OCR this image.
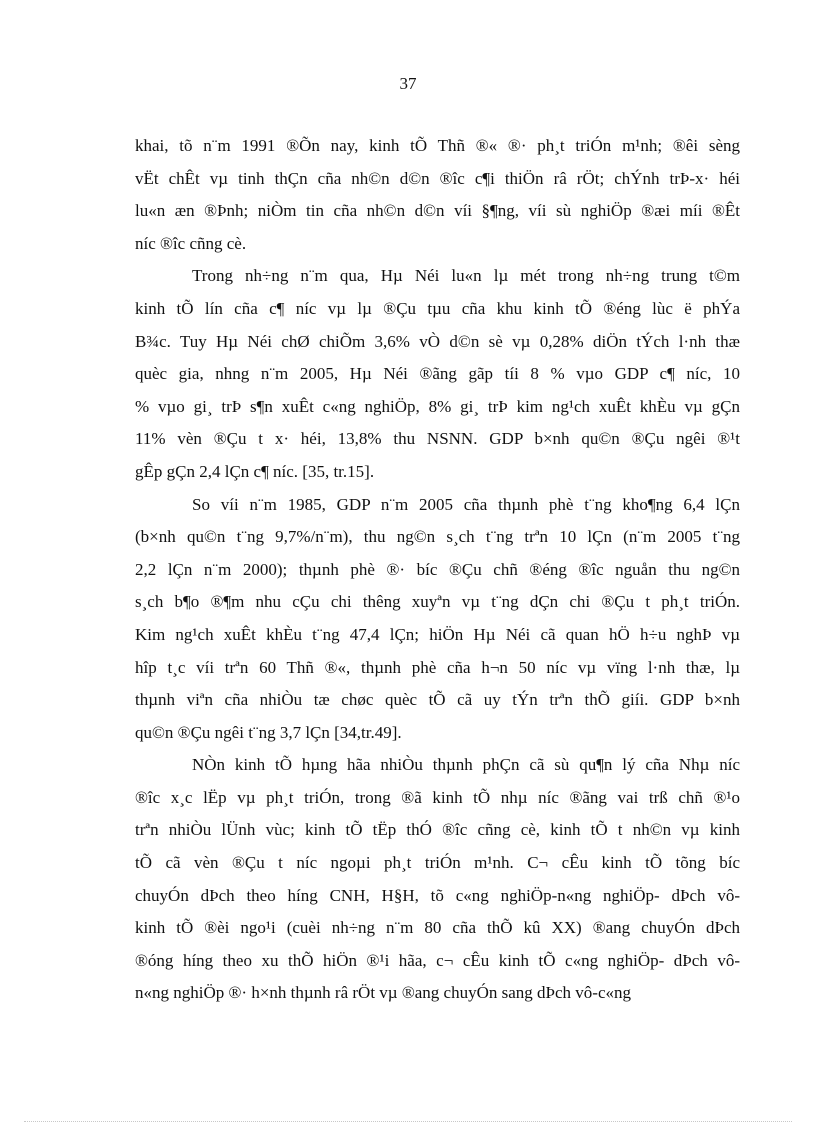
37

khai, tõ n¨m 1991 ®Õn nay, kinh tÕ Thñ ®« ®· ph¸t triÓn m¹nh; ®êi sèng
vËt chÊt vµ tinh thÇn cña nh©n d©n ®îc c¶i thiÖn râ rÖt; chÝnh trÞ-x· héi
lu«n æn ®Þnh; niÒm tin cña nh©n d©n víi §¶ng, víi sù nghiÖp ®æi míi ®Êt
níc ®îc cñng cè.

Trong nh÷ng n¨m qua, Hµ Néi lu«n lµ mét trong nh÷ng trung t©m
kinh tÕ lín cña c¶ níc vµ lµ ®Çu tµu cña khu kinh tÕ ®éng lùc ë phÝa
B¾c. Tuy Hµ Néi chØ chiÕm 3,6% vÒ d©n sè vµ 0,28% diÖn tÝch l·nh thæ
quèc gia, nhng n¨m 2005, Hµ Néi ®ãng gãp tíi 8 % vµo GDP c¶ níc, 10
% vµo gi¸ trÞ s¶n xuÊt c«ng nghiÖp, 8% gi¸ trÞ kim ng¹ch xuÊt khÈu vµ gÇn
11% vèn ®Çu t x· héi, 13,8% thu NSNN. GDP b×nh qu©n ®Çu ngêi ®¹t
gÊp gÇn 2,4 lÇn c¶ níc. [35, tr.15].

So víi n¨m 1985, GDP n¨m 2005 cña thµnh phè t¨ng kho¶ng 6,4 lÇn
(b×nh qu©n t¨ng 9,7%/n¨m), thu ng©n s¸ch t¨ng trªn 10 lÇn (n¨m 2005 t¨ng
2,2 lÇn n¨m 2000); thµnh phè ®· bíc ®Çu chñ ®éng ®îc nguån thu ng©n
s¸ch b¶o ®¶m nhu cÇu chi thêng xuyªn vµ t¨ng dÇn chi ®Çu t ph¸t triÓn.
Kim ng¹ch xuÊt khÈu t¨ng 47,4 lÇn; hiÖn Hµ Néi cã quan hÖ h÷u nghÞ vµ
hîp t¸c víi trªn 60 Thñ ®«, thµnh phè cña h¬n 50 níc vµ vïng l·nh thæ, lµ
thµnh viªn cña nhiÒu tæ chøc quèc tÕ cã uy tÝn trªn thÕ giíi. GDP b×nh
qu©n ®Çu ngêi t¨ng 3,7 lÇn [34,tr.49].

NÒn kinh tÕ hµng hãa nhiÒu thµnh phÇn cã sù qu¶n lý cña Nhµ níc
®îc x¸c lËp vµ ph¸t triÓn, trong ®ã kinh tÕ nhµ níc ®ãng vai trß chñ ®¹o
trªn nhiÒu lÜnh vùc; kinh tÕ tËp thÓ ®îc cñng cè, kinh tÕ t nh©n vµ kinh
tÕ cã vèn ®Çu t níc ngoµi ph¸t triÓn m¹nh. C¬ cÊu kinh tÕ tõng bíc
chuyÓn dÞch theo híng CNH, H§H, tõ c«ng nghiÖp-n«ng nghiÖp- dÞch vô-
kinh tÕ ®èi ngo¹i (cuèi nh÷ng n¨m 80 cña thÕ kû XX) ®ang chuyÓn dÞch
®óng híng theo xu thÕ hiÖn ®¹i hãa, c¬ cÊu kinh tÕ c«ng nghiÖp- dÞch vô-
n«ng nghiÖp ®· h×nh thµnh râ rÖt vµ ®ang chuyÓn sang dÞch vô-c«ng
